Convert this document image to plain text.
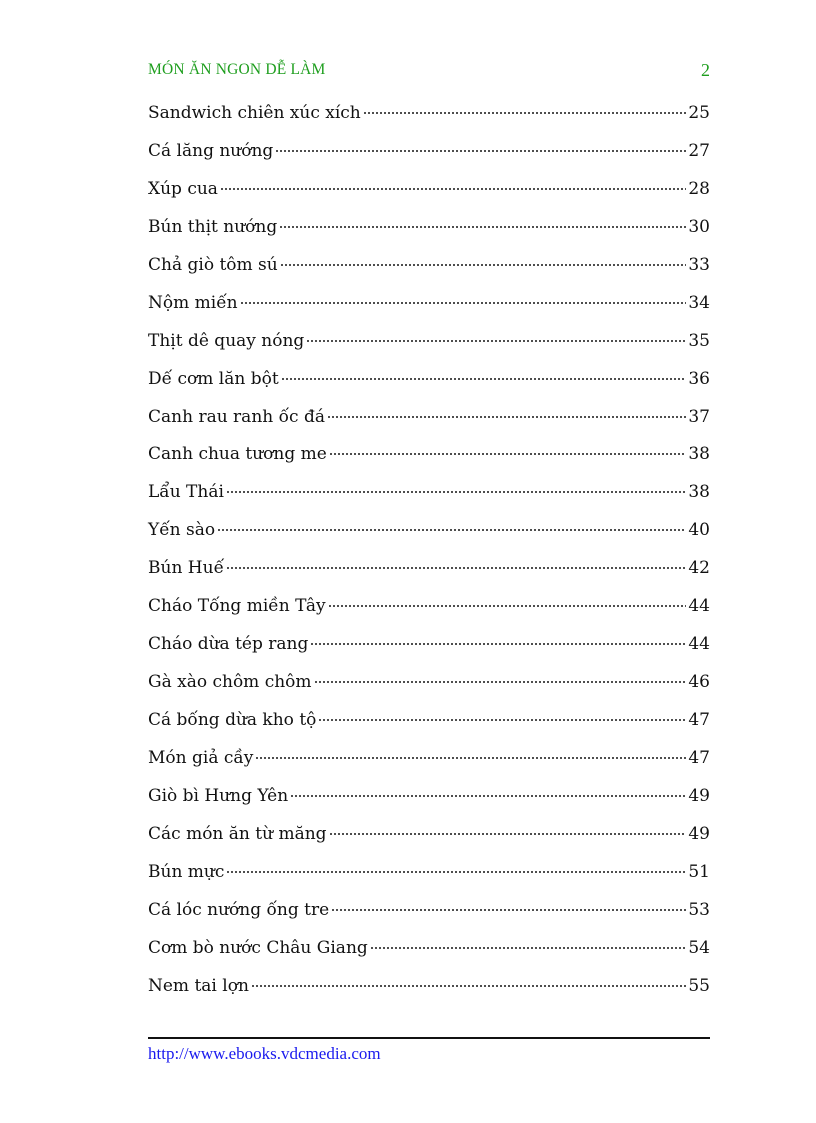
MÓN ĂN NGON DỄ LÀM	2
Sandwich chiên xúc xích	25
Cá lăng nướng	27
Xúp cua	28
Bún thịt nướng	30
Chả giò tôm sú	33
Nộm miến	34
Thịt dê quay nóng	35
Dế cơm lăn bột	36
Canh rau ranh ốc đá	37
Canh chua tương me	38
Lẩu Thái	38
Yến sào	40
Bún Huế	42
Cháo Tống miền Tây	44
Cháo dừa tép rang	44
Gà xào chôm chôm	46
Cá bống dừa kho tộ	47
Món giả cầy	47
Giò bì Hưng Yên	49
Các món ăn từ măng	49
Bún mực	51
Cá lóc nướng ống tre	53
Cơm bò nước Châu Giang	54
Nem tai lợn	55
http://www.ebooks.vdcmedia.com
